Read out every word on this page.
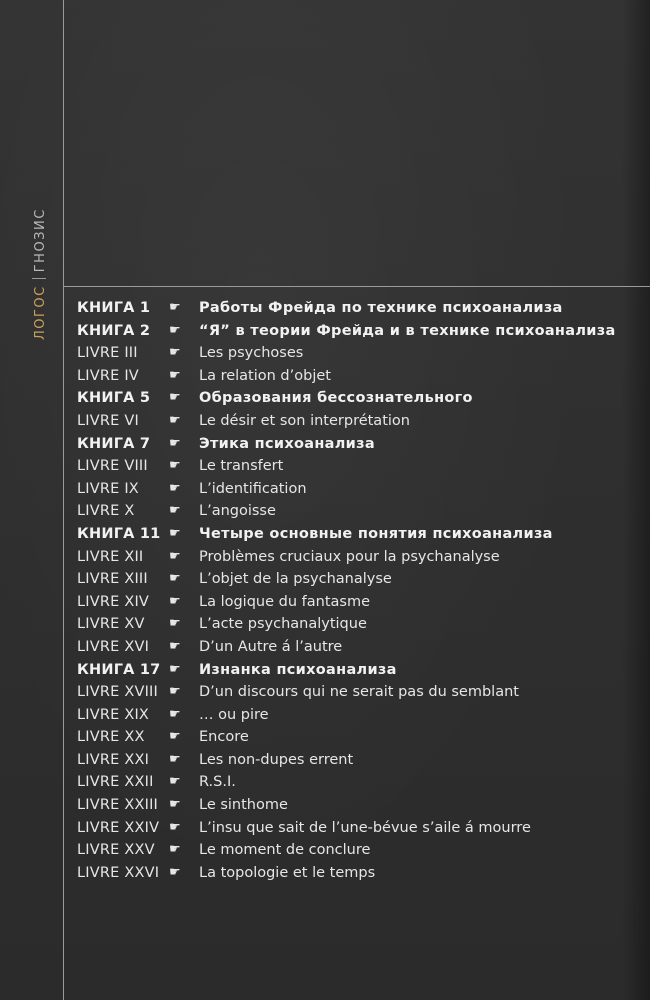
ЛОГОСГНОЗИС
КНИГА 1 ☛ Работы Фрейда по технике психоанализа
КНИГА 2 ☛ “Я” в теории Фрейда и в технике психоанализа
LIVRE III ☛ Les psychoses
LIVRE IV ☛ La relation d’objet
КНИГА 5 ☛ Образования бессознательного
LIVRE VI ☛ Le désir et son interprétation
КНИГА 7 ☛ Этика психоанализа
LIVRE VIII ☛ Le transfert
LIVRE IX ☛ L’identification
LIVRE X	☛ L’angoisse
КНИГА 11 ☛ Четыре основные понятия психоанализа
LIVRE XII ☛ Problèmes cruciaux pour la psychanalyse
LIVRE XIII ☛ L’objet de la psychanalyse
LIVRE XIV ☛ La logique du fantasme
LIVRE XV ☛ L’acte psychanalytique
LIVRE XVI ☛ D’un Autre á l’autre
КНИГА 17 ☛ Изнанка психоанализа
LIVRE XVIII ☛ D’un discours qui ne serait pas du semblant
LIVRE XIX ☛ … ou pire
LIVRE XX ☛ Encore
LIVRE XXI ☛ Les non-dupes errent
LIVRE XXII ☛ R.S.I.
LIVRE XXIII ☛ Le sinthome
LIVRE XXIV ☛ L’insu que sait de l’une-bévue s’aile á mourre
LIVRE XXV ☛ Le moment de conclure
LIVRE XXVI ☛ La topologie et le temps
